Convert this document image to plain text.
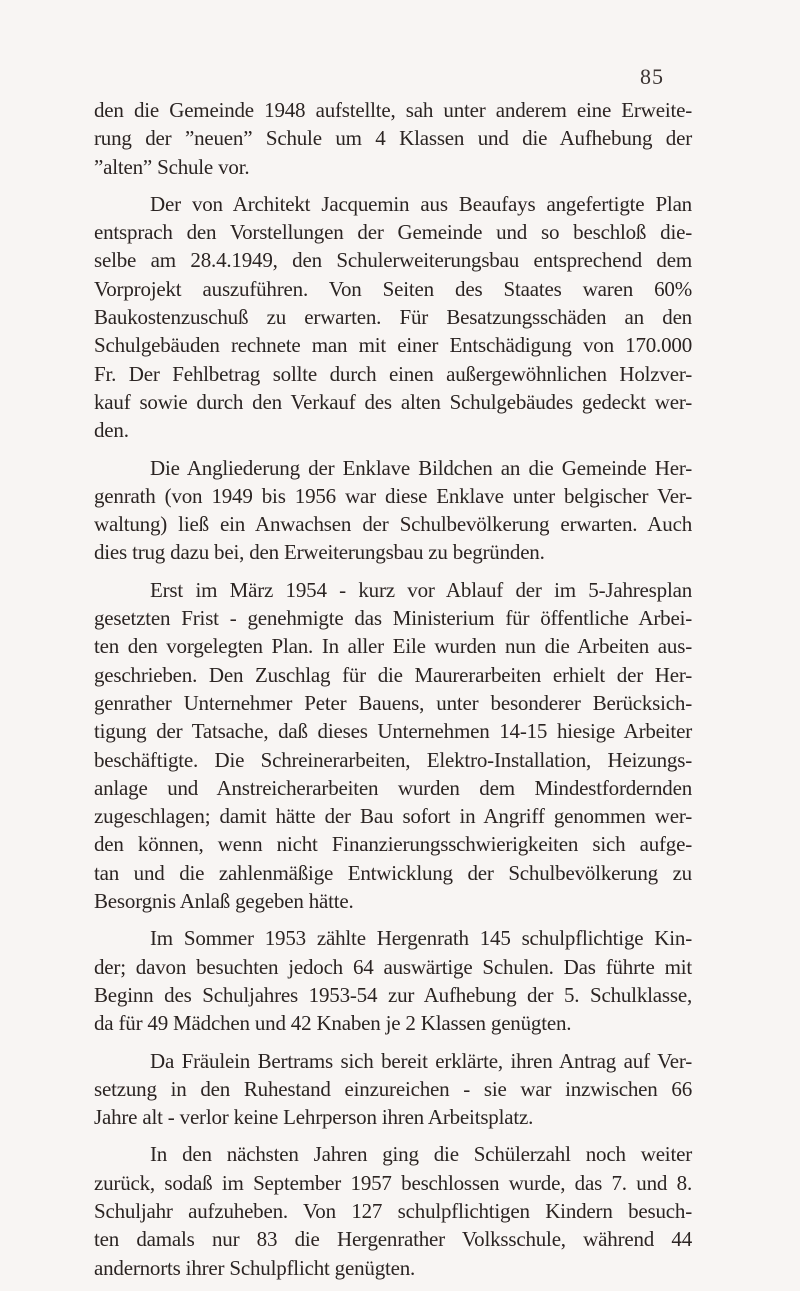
85
den die Gemeinde 1948 aufstellte, sah unter anderem eine Erweite-
rung der ”neuen” Schule um 4 Klassen und die Aufhebung der
”alten” Schule vor.
Der von Architekt Jacquemin aus Beaufays angefertigte Plan
entsprach den Vorstellungen der Gemeinde und so beschloß die-
selbe am 28.4.1949, den Schulerweiterungsbau entsprechend dem
Vorprojekt auszuführen. Von Seiten des Staates waren 60%
Baukostenzuschuß zu erwarten. Für Besatzungsschäden an den
Schulgebäuden rechnete man mit einer Entschädigung von 170.000
Fr. Der Fehlbetrag sollte durch einen außergewöhnlichen Holzver-
kauf sowie durch den Verkauf des alten Schulgebäudes gedeckt wer-
den.
Die Angliederung der Enklave Bildchen an die Gemeinde Her-
genrath (von 1949 bis 1956 war diese Enklave unter belgischer Ver-
waltung) ließ ein Anwachsen der Schulbevölkerung erwarten. Auch
dies trug dazu bei, den Erweiterungsbau zu begründen.
Erst im März 1954 - kurz vor Ablauf der im 5-Jahresplan
gesetzten Frist - genehmigte das Ministerium für öffentliche Arbei-
ten den vorgelegten Plan. In aller Eile wurden nun die Arbeiten aus-
geschrieben. Den Zuschlag für die Maurerarbeiten erhielt der Her-
genrather Unternehmer Peter Bauens, unter besonderer Berücksich-
tigung der Tatsache, daß dieses Unternehmen 14-15 hiesige Arbeiter
beschäftigte. Die Schreinerarbeiten, Elektro-Installation, Heizungs-
anlage und Anstreicherarbeiten wurden dem Mindestfordernden
zugeschlagen; damit hätte der Bau sofort in Angriff genommen wer-
den können, wenn nicht Finanzierungsschwierigkeiten sich aufge-
tan und die zahlenmäßige Entwicklung der Schulbevölkerung zu
Besorgnis Anlaß gegeben hätte.
Im Sommer 1953 zählte Hergenrath 145 schulpflichtige Kin-
der; davon besuchten jedoch 64 auswärtige Schulen. Das führte mit
Beginn des Schuljahres 1953-54 zur Aufhebung der 5. Schulklasse,
da für 49 Mädchen und 42 Knaben je 2 Klassen genügten.
Da Fräulein Bertrams sich bereit erklärte, ihren Antrag auf Ver-
setzung in den Ruhestand einzureichen - sie war inzwischen 66
Jahre alt - verlor keine Lehrperson ihren Arbeitsplatz.
In den nächsten Jahren ging die Schülerzahl noch weiter
zurück, sodaß im September 1957 beschlossen wurde, das 7. und 8.
Schuljahr aufzuheben. Von 127 schulpflichtigen Kindern besuch-
ten damals nur 83 die Hergenrather Volksschule, während 44
andernorts ihrer Schulpflicht genügten.
